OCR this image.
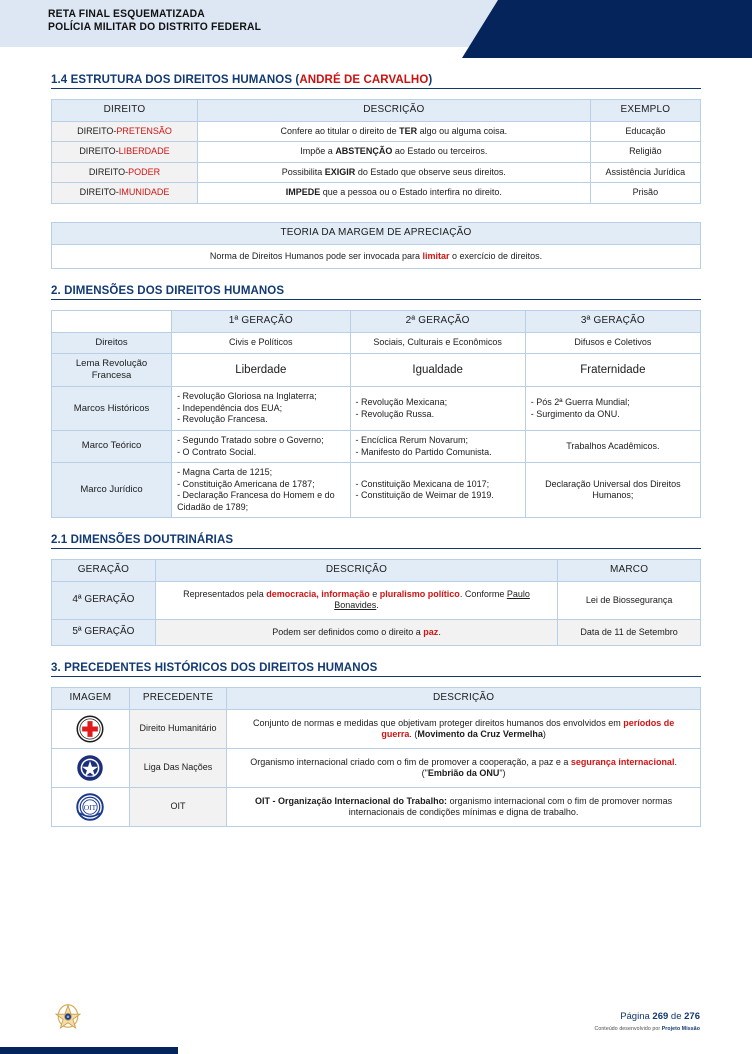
RETA FINAL ESQUEMATIZADA
POLÍCIA MILITAR DO DISTRITO FEDERAL
1.4 ESTRUTURA DOS DIREITOS HUMANOS (ANDRÉ DE CARVALHO)
DIREITO	DESCRIÇÃO	EXEMPLO
DIREITO-PRETENSÃO	Confere ao titular o direito de TER algo ou alguma coisa.	Educação
DIREITO-LIBERDADE	Impõe a ABSTENÇÃO ao Estado ou terceiros.	Religião
DIREITO-PODER	Possibilita EXIGIR do Estado que observe seus direitos.	Assistência Jurídica
DIREITO-IMUNIDADE	IMPEDE que a pessoa ou o Estado interfira no direito.	Prisão
TEORIA DA MARGEM DE APRECIAÇÃO
Norma de Direitos Humanos pode ser invocada para limitar o exercício de direitos.
2. DIMENSÕES DOS DIREITOS HUMANOS
	1ª GERAÇÃO	2ª GERAÇÃO	3ª GERAÇÃO
Direitos	Civis e Políticos	Sociais, Culturais e Econômicos	Difusos e Coletivos
Lema Revolução Francesa	Liberdade	Igualdade	Fraternidade
Marcos Históricos	- Revolução Gloriosa na Inglaterra;
- Independência dos EUA;
- Revolução Francesa.	- Revolução Mexicana;
- Revolução Russa.	- Pós 2ª Guerra Mundial;
- Surgimento da ONU.
Marco Teórico	- Segundo Tratado sobre o Governo;
- O Contrato Social.	- Encíclica Rerum Novarum;
- Manifesto do Partido Comunista.	Trabalhos Acadêmicos.
Marco Jurídico	- Magna Carta de 1215;
- Constituição Americana de 1787;
- Declaração Francesa do Homem e do Cidadão de 1789;	- Constituição Mexicana de 1017;
- Constituição de Weimar de 1919.	Declaração Universal dos Direitos Humanos;
2.1 DIMENSÕES DOUTRINÁRIAS
GERAÇÃO	DESCRIÇÃO	MARCO
4ª GERAÇÃO	Representados pela democracia, informação e pluralismo político. Conforme Paulo Bonavides.	Lei de Biossegurança
5ª GERAÇÃO	Podem ser definidos como o direito a paz.	Data de 11 de Setembro
3. PRECEDENTES HISTÓRICOS DOS DIREITOS HUMANOS
IMAGEM	PRECEDENTE	DESCRIÇÃO

	Direito Humanitário	Conjunto de normas e medidas que objetivam proteger direitos humanos dos envolvidos em períodos de guerra. (Movimento da Cruz Vermelha)

	Liga Das Nações	Organismo internacional criado com o fim de promover a cooperação, a paz e a segurança internacional. ("Embrião da ONU")

OIT	OIT	OIT - Organização Internacional do Trabalho: organismo internacional com o fim de promover normas internacionais de condições mínimas e digna de trabalho.
Página 269 de 276
Conteúdo desenvolvido por Projeto Missão
